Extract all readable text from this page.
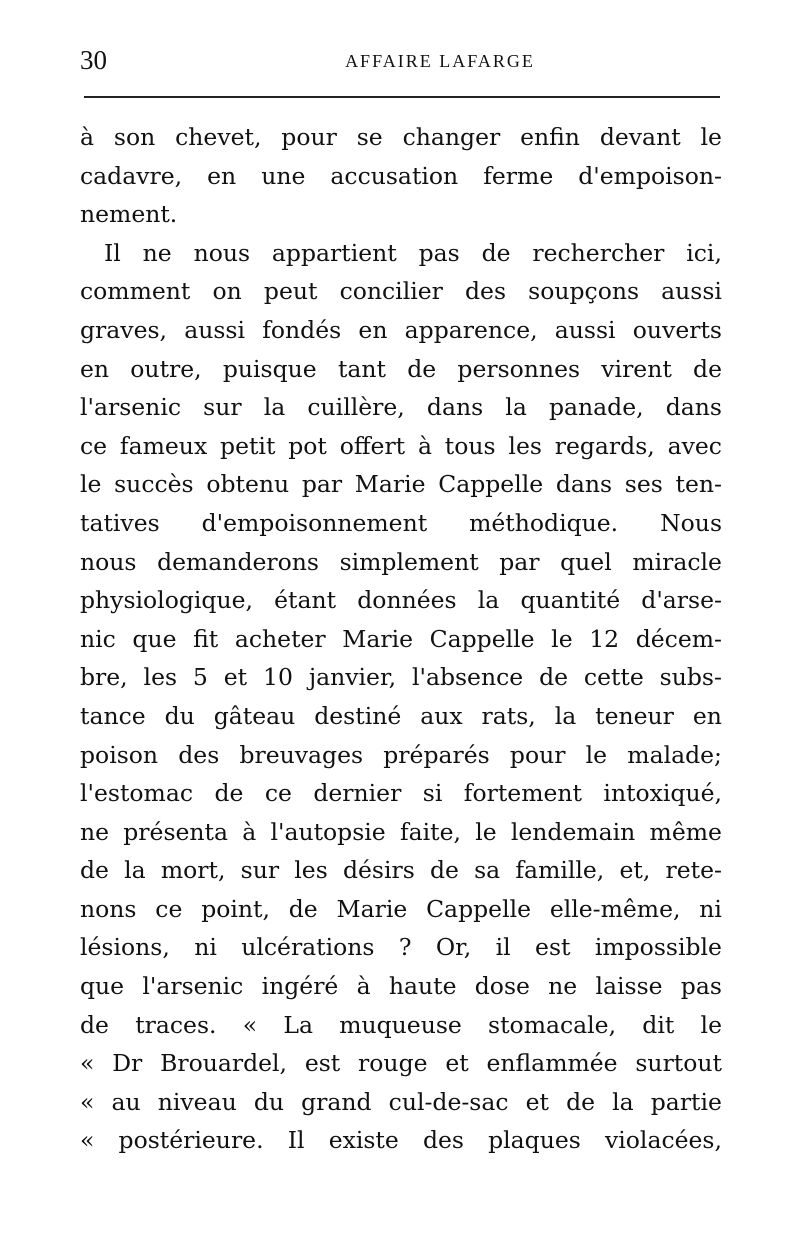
30	AFFAIRE LAFARGE
à son chevet, pour se changer enfin devant le
cadavre, en une accusation ferme d'empoison-
nement.
Il ne nous appartient pas de rechercher ici,
comment on peut concilier des soupçons aussi
graves, aussi fondés en apparence, aussi ouverts
en outre, puisque tant de personnes virent de
l'arsenic sur la cuillère, dans la panade, dans
ce fameux petit pot offert à tous les regards, avec
le succès obtenu par Marie Cappelle dans ses ten-
tatives d'empoisonnement méthodique. Nous
nous demanderons simplement par quel miracle
physiologique, étant données la quantité d'arse-
nic que fit acheter Marie Cappelle le 12 décem-
bre, les 5 et 10 janvier, l'absence de cette subs-
tance du gâteau destiné aux rats, la teneur en
poison des breuvages préparés pour le malade;
l'estomac de ce dernier si fortement intoxiqué,
ne présenta à l'autopsie faite, le lendemain même
de la mort, sur les désirs de sa famille, et, rete-
nons ce point, de Marie Cappelle elle-même, ni
lésions, ni ulcérations ? Or, il est impossible
que l'arsenic ingéré à haute dose ne laisse pas
de traces. « La muqueuse stomacale, dit le
« Dr Brouardel, est rouge et enflammée surtout
« au niveau du grand cul-de-sac et de la partie
« postérieure. Il existe des plaques violacées,
